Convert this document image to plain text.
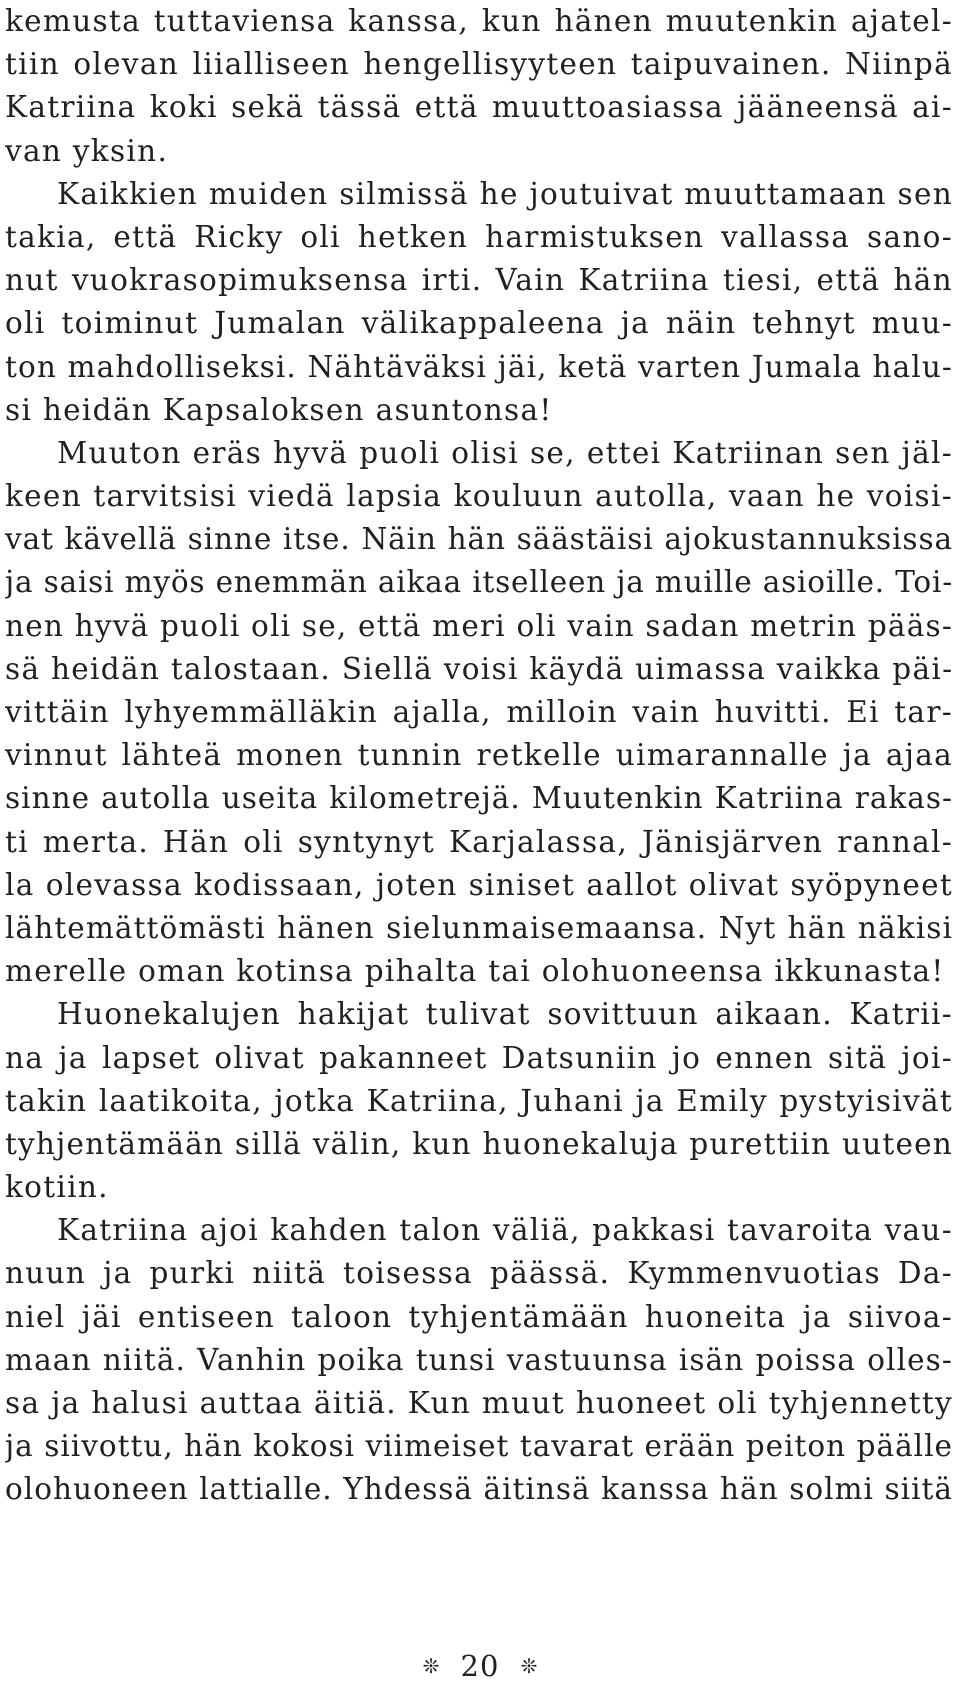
kemusta tuttaviensa kanssa, kun hänen muutenkin ajatel-
tiin olevan liialliseen hengellisyyteen taipuvainen. Niinpä
Katriina koki sekä tässä että muuttoasiassa jääneensä ai-
van yksin.
Kaikkien muiden silmissä he joutuivat muuttamaan sen
takia, että Ricky oli hetken harmistuksen vallassa sano-
nut vuokrasopimuksensa irti. Vain Katriina tiesi, että hän
oli toiminut Jumalan välikappaleena ja näin tehnyt muu-
ton mahdolliseksi. Nähtäväksi jäi, ketä varten Jumala halu-
si heidän Kapsaloksen asuntonsa!
Muuton eräs hyvä puoli olisi se, ettei Katriinan sen jäl-
keen tarvitsisi viedä lapsia kouluun autolla, vaan he voisi-
vat kävellä sinne itse. Näin hän säästäisi ajokustannuksissa
ja saisi myös enemmän aikaa itselleen ja muille asioille. Toi-
nen hyvä puoli oli se, että meri oli vain sadan metrin pääs-
sä heidän talostaan. Siellä voisi käydä uimassa vaikka päi-
vittäin lyhyemmälläkin ajalla, milloin vain huvitti. Ei tar-
vinnut lähteä monen tunnin retkelle uimarannalle ja ajaa
sinne autolla useita kilometrejä. Muutenkin Katriina rakas-
ti merta. Hän oli syntynyt Karjalassa, Jänisjärven rannal-
la olevassa kodissaan, joten siniset aallot olivat syöpyneet
lähtemättömästi hänen sielunmaisemaansa. Nyt hän näkisi
merelle oman kotinsa pihalta tai olohuoneensa ikkunasta!
Huonekalujen hakijat tulivat sovittuun aikaan. Katrii-
na ja lapset olivat pakanneet Datsuniin jo ennen sitä joi-
takin laatikoita, jotka Katriina, Juhani ja Emily pystyisivät
tyhjentämään sillä välin, kun huonekaluja purettiin uuteen
kotiin.
Katriina ajoi kahden talon väliä, pakkasi tavaroita vau-
nuun ja purki niitä toisessa päässä. Kymmenvuotias Da-
niel jäi entiseen taloon tyhjentämään huoneita ja siivoa-
maan niitä. Vanhin poika tunsi vastuunsa isän poissa olles-
sa ja halusi auttaa äitiä. Kun muut huoneet oli tyhjennetty
ja siivottu, hän kokosi viimeiset tavarat erään peiton päälle
olohuoneen lattialle. Yhdessä äitinsä kanssa hän solmi siitä
❊ 20 ❊
